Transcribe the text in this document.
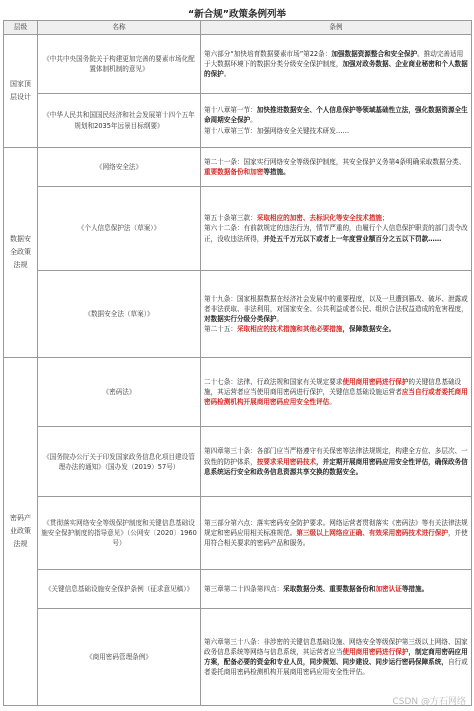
“新合规”政策条例列举
层级	名称	条例

国家顶层设计	《中共中央国务院关于构建更加完善的要素市场化配置体制机制的意见》	第六部分“加快培育数据要素市场”第22条：加强数据资源整合和安全保护。推动完善适用于大数据环境下的数据分类分级安全保护制度，加强对政务数据、企业商业秘密和个人数据的保护。

	《中华人民共和国国民经济和社会发展第十四个五年规划和2035年远景目标纲要》	第十八章第一节：加快推进数据安全、个人信息保护等领域基础性立法，强化数据资源全生命周期安全保护。
第十八章第三节：加强网络安全关键技术研发……

数据安全政策法规	《网络安全法》	第二十一条：国家实行网络安全等级保护制度，其安全保护义务第4条明确采取数据分类、重要数据备份和加密等措施。

	《个人信息保护法（草案）》	第五十条第三款：采取相应的加密、去标识化等安全技术措施；
第六十二条：有前款规定的违法行为，情节严重的，由履行个人信息保护职责的部门责令改正，没收违法所得，并处五千万元以下或者上一年度营业额百分之五以下罚款……

	《数据安全法（草案）》	第十九条：国家根据数据在经济社会发展中的重要程度，以及一旦遭到篡改、破坏、泄露或者非法获取、非法利用，对国家安全、公共利益或者公民、组织合法权益造成的危害程度，对数据实行分级分类保护。
第二十五：采取相应的技术措施和其他必要措施，保障数据安全。

密码产业政策法规	《密码法》	二十七条：法律、行政法规和国家有关规定要求使用商用密码进行保护的关键信息基础设施，其运营者应当使用商用密码进行保护，关键信息基础设施运营者应当自行或者委托商用密码检测机构开展商用密码应用安全性评估。

	《国务院办公厅关于印发国家政务信息化项目建设管理办法的通知》（国办发（2019）57号）	第四章第三十条：各部门应当严格遵守有关保密等法律法规规定，构建全方位、多层次、一致性的防护体系，按要求采用密码技术，并定期开展商用密码应用安全性评估，确保政务信息系统运行安全和政务信息资源共享交换的数据安全。

	《贯彻落实网络安全等级保护制度和关键信息基础设施安全保护制度的指导意见》（公网安〔2020〕1960号）	第三部分第六点：落实密码安全防护要求。网络运营者贯彻落实《密码法》等有关法律法规规定和密码应用相关标准规范。第三级以上网络应正确、有效采用密码技术进行保护，并使用符合相关要求的密码产品和服务。

	《关键信息基础设施安全保护条例（征求意见稿）》	第三章第二十四条第四点：采取数据分类、重要数据备份和加密认证等措施。

	《商用密码管理条例》	第六章第三十八条：非涉密的关键信息基础设施、网络安全等级保护第三级以上网络、国家政务信息系统等网络与信息系统，其运营者应当使用商用密码进行保护，制定商用密码应用方案，配备必要的资金和专业人员，同步规划、同步建设、同步运行密码保障系统，自行或者委托商用密码检测机构开展商用密码应用安全性评估。
CSDN @方石网络
